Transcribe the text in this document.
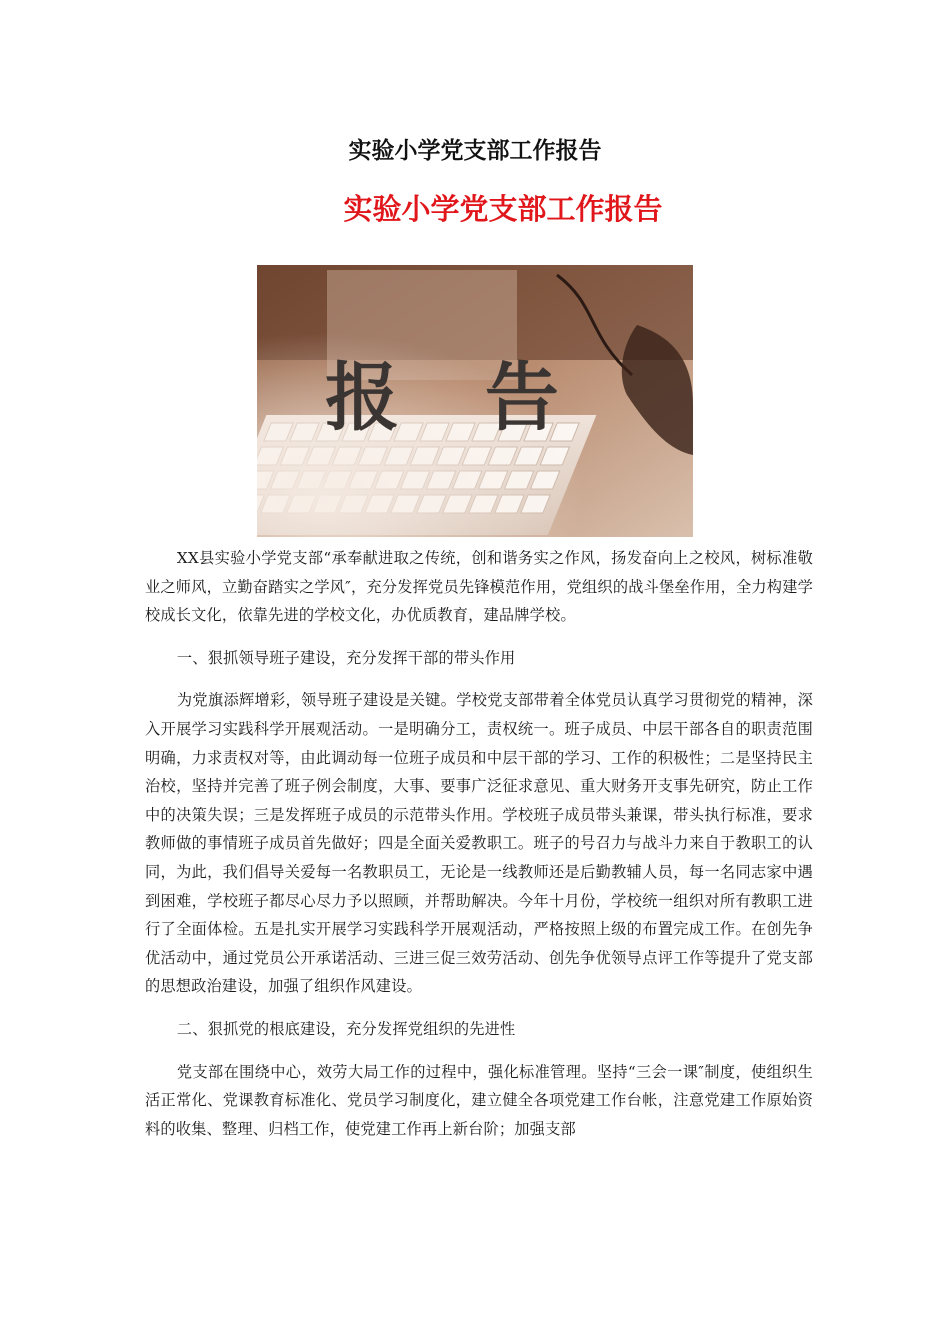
实验小学党支部工作报告
实验小学党支部工作报告
报 告

XX县实验小学党支部“承奉献进取之传统，创和谐务实之作风，扬发奋向上之校风，树标准敬业之师风，立勤奋踏实之学风″，充分发挥党员先锋模范作用，党组织的战斗堡垒作用，全力构建学校成长文化，依靠先进的学校文化，办优质教育，建品牌学校。

一、狠抓领导班子建设，充分发挥干部的带头作用

为党旗添辉增彩，领导班子建设是关键。学校党支部带着全体党员认真学习贯彻党的精神，深入开展学习实践科学开展观活动。一是明确分工，责权统一。班子成员、中层干部各自的职责范围明确，力求责权对等，由此调动每一位班子成员和中层干部的学习、工作的积极性；二是坚持民主治校，坚持并完善了班子例会制度，大事、要事广泛征求意见、重大财务开支事先研究，防止工作中的决策失误；三是发挥班子成员的示范带头作用。学校班子成员带头兼课，带头执行标准，要求教师做的事情班子成员首先做好；四是全面关爱教职工。班子的号召力与战斗力来自于教职工的认同，为此，我们倡导关爱每一名教职员工，无论是一线教师还是后勤教辅人员，每一名同志家中遇到困难，学校班子都尽心尽力予以照顾，并帮助解决。今年十月份，学校统一组织对所有教职工进行了全面体检。五是扎实开展学习实践科学开展观活动，严格按照上级的布置完成工作。在创先争优活动中，通过党员公开承诺活动、三进三促三效劳活动、创先争优领导点评工作等提升了党支部的思想政治建设，加强了组织作风建设。

二、狠抓党的根底建设，充分发挥党组织的先进性

党支部在围绕中心，效劳大局工作的过程中，强化标准管理。坚持“三会一课″制度，使组织生活正常化、党课教育标准化、党员学习制度化，建立健全各项党建工作台帐，注意党建工作原始资料的收集、整理、归档工作，使党建工作再上新台阶；加强支部
